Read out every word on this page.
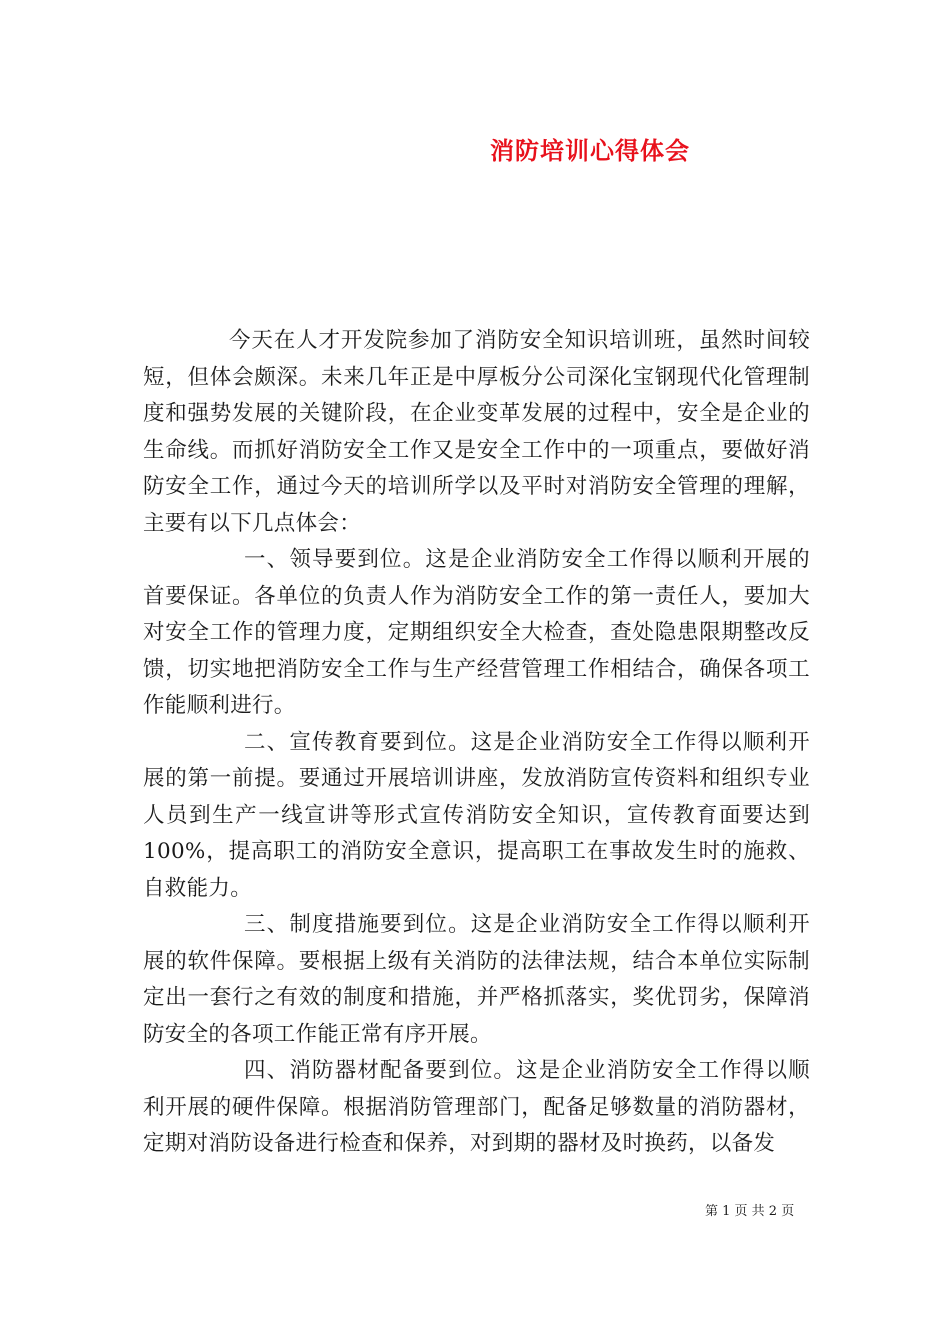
消防培训心得体会

今天在人才开发院参加了消防安全知识培训班，虽然时间较短，但体会颇深。未来几年正是中厚板分公司深化宝钢现代化管理制度和强势发展的关键阶段，在企业变革发展的过程中，安全是企业的生命线。而抓好消防安全工作又是安全工作中的一项重点，要做好消防安全工作，通过今天的培训所学以及平时对消防安全管理的理解，主要有以下几点体会：

一、领导要到位。这是企业消防安全工作得以顺利开展的首要保证。各单位的负责人作为消防安全工作的第一责任人，要加大对安全工作的管理力度，定期组织安全大检查，查处隐患限期整改反馈，切实地把消防安全工作与生产经营管理工作相结合，确保各项工作能顺利进行。

二、宣传教育要到位。这是企业消防安全工作得以顺利开展的第一前提。要通过开展培训讲座，发放消防宣传资料和组织专业人员到生产一线宣讲等形式宣传消防安全知识，宣传教育面要达到100%，提高职工的消防安全意识，提高职工在事故发生时的施救、自救能力。

三、制度措施要到位。这是企业消防安全工作得以顺利开展的软件保障。要根据上级有关消防的法律法规，结合本单位实际制定出一套行之有效的制度和措施，并严格抓落实，奖优罚劣，保障消防安全的各项工作能正常有序开展。

四、消防器材配备要到位。这是企业消防安全工作得以顺利开展的硬件保障。根据消防管理部门，配备足够数量的消防器材，定期对消防设备进行检查和保养，对到期的器材及时换药，以备发

第 1 页 共 2 页
